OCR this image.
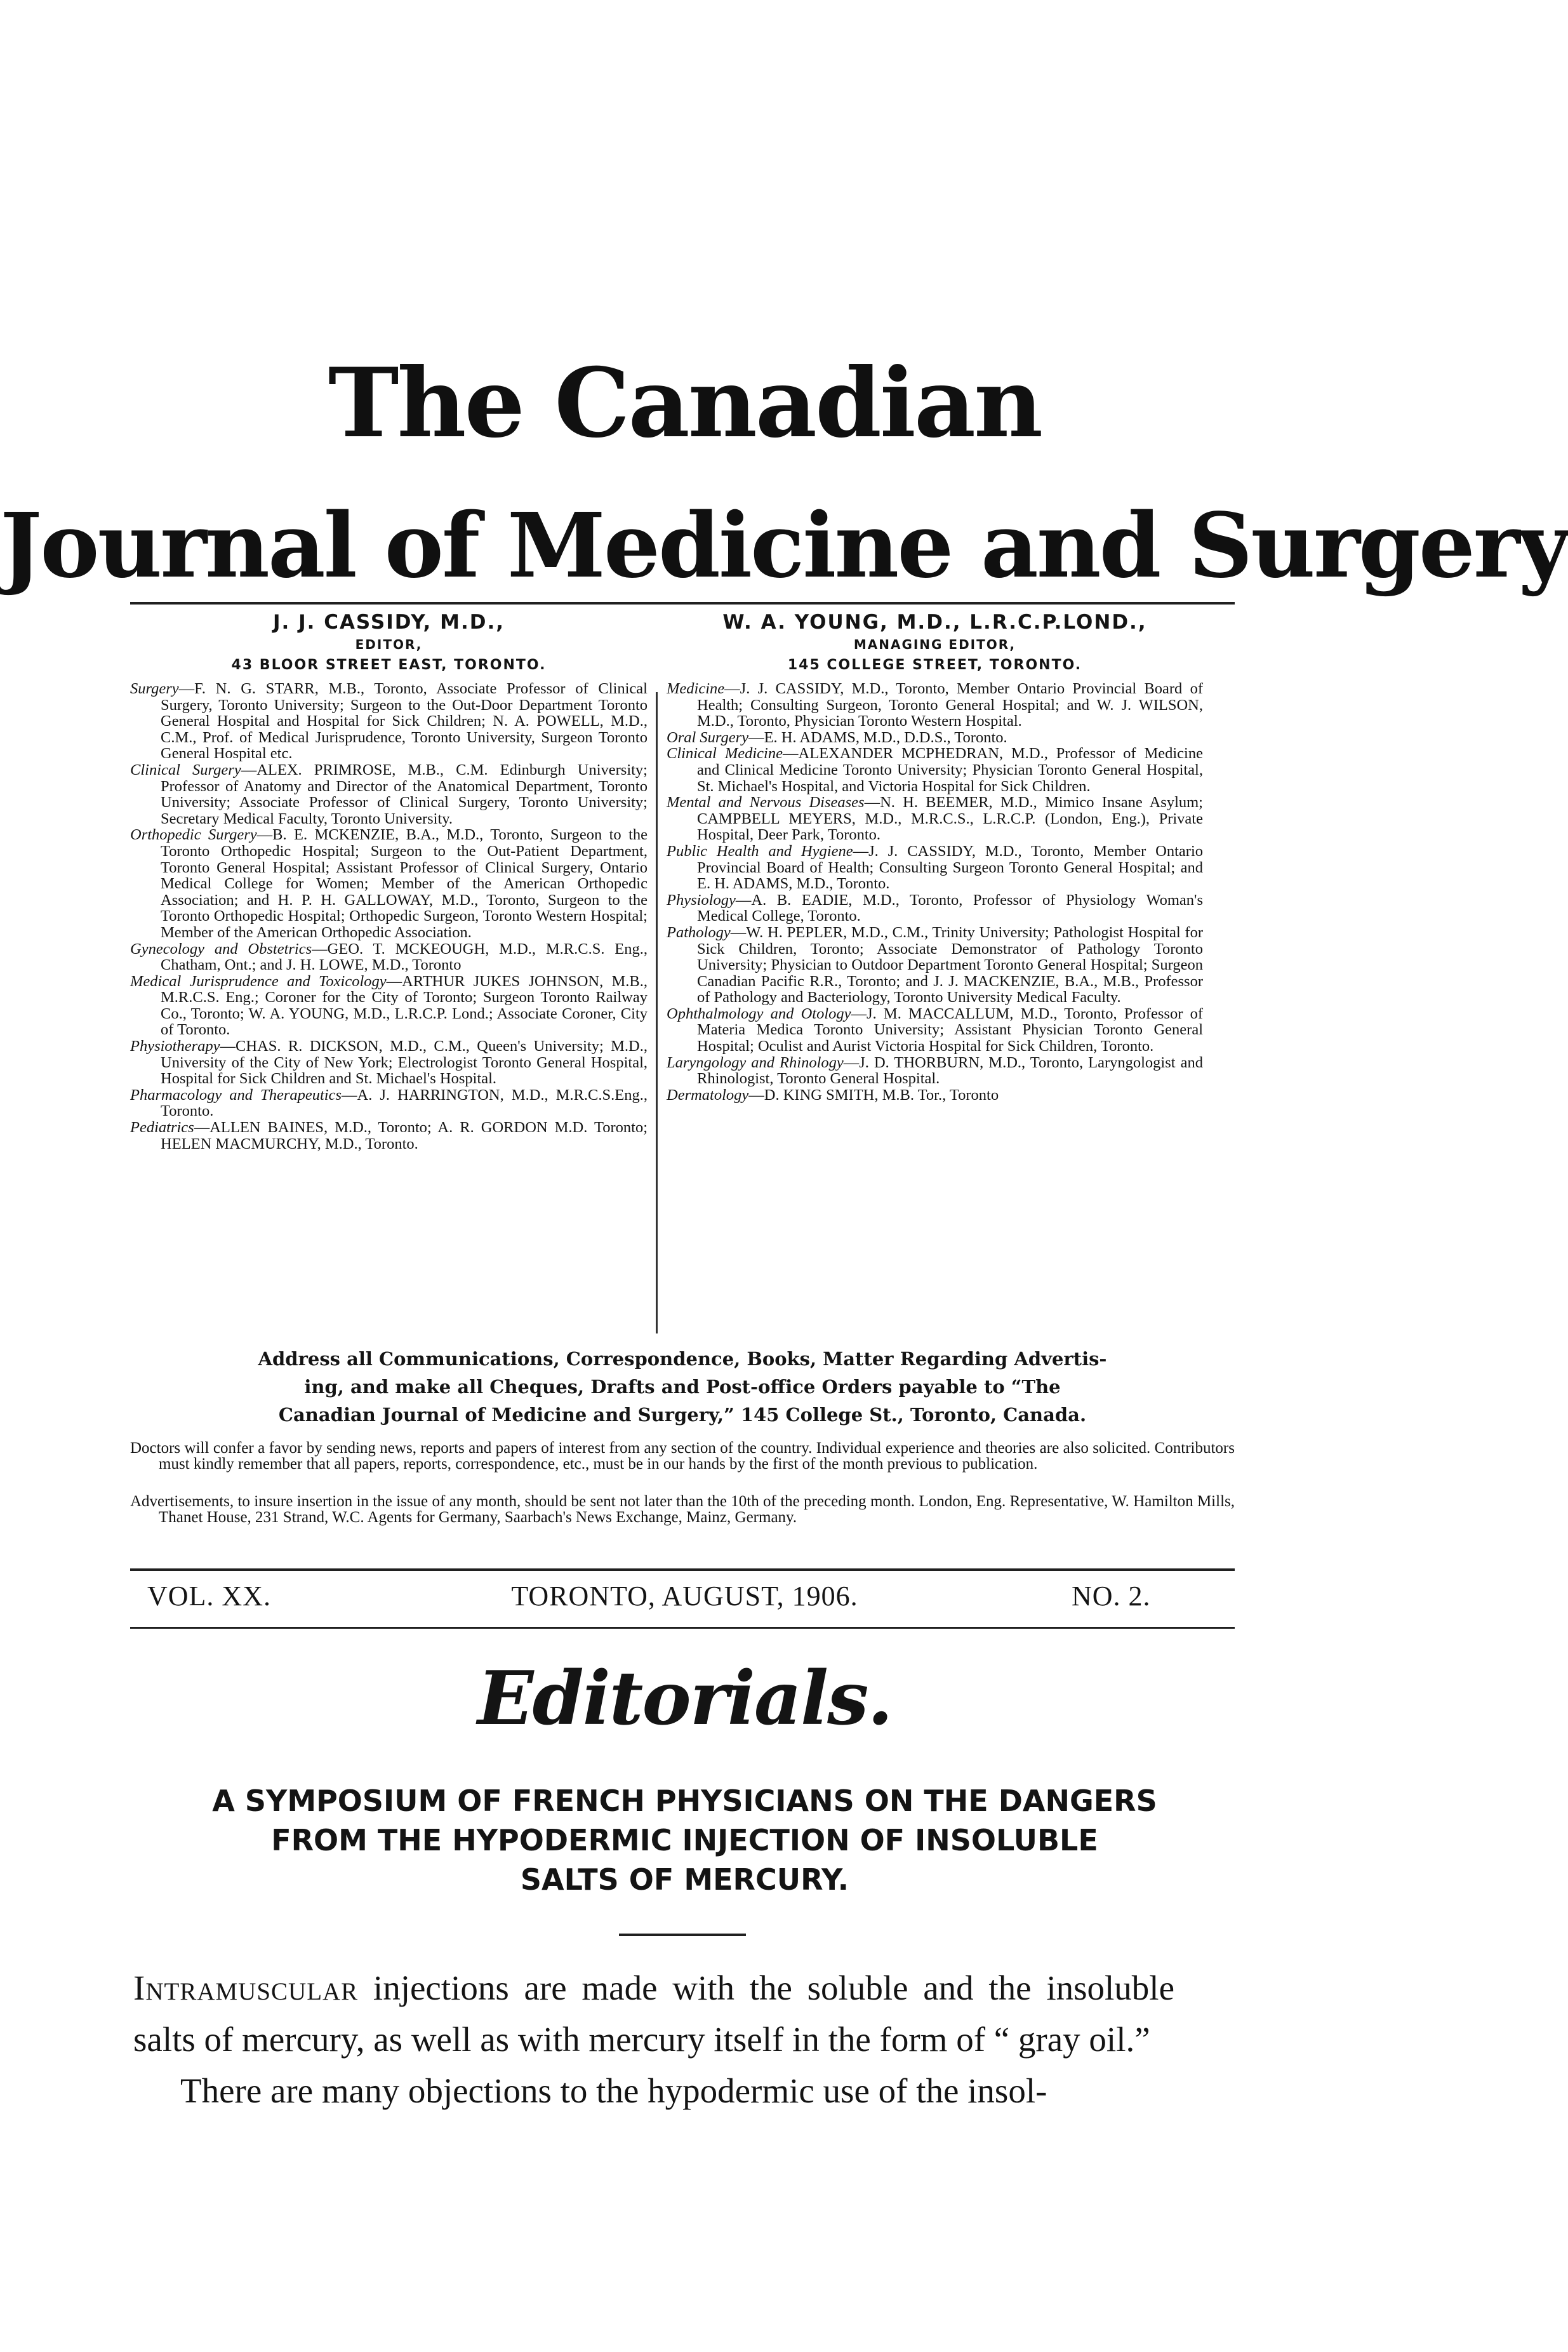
The Canadian
Journal of Medicine and Surgery

J. J. CASSIDY, M.D.,

EDITOR,

43 BLOOR STREET EAST, TORONTO.

Surgery—F. N. G. STARR, M.B., Toronto, Associate Professor of Clinical Surgery, Toronto University; Surgeon to the Out-Door Department Toronto General Hospital and Hospital for Sick Children; N. A. POWELL, M.D., C.M., Prof. of Medical Jurisprudence, Toronto University, Surgeon Toronto General Hospital etc.

Clinical Surgery—ALEX. PRIMROSE, M.B., C.M. Edinburgh University; Professor of Anatomy and Director of the Anatomical Department, Toronto University; Associate Professor of Clinical Surgery, Toronto University; Secretary Medical Faculty, Toronto University.

Orthopedic Surgery—B. E. MCKENZIE, B.A., M.D., Toronto, Surgeon to the Toronto Orthopedic Hospital; Surgeon to the Out-Patient Department, Toronto General Hospital; Assistant Professor of Clinical Surgery, Ontario Medical College for Women; Member of the American Orthopedic Association; and H. P. H. GALLOWAY, M.D., Toronto, Surgeon to the Toronto Orthopedic Hospital; Orthopedic Surgeon, Toronto Western Hospital; Member of the American Orthopedic Association.

Gynecology and Obstetrics—GEO. T. MCKEOUGH, M.D., M.R.C.S. Eng., Chatham, Ont.; and J. H. LOWE, M.D., Toronto

Medical Jurisprudence and Toxicology—ARTHUR JUKES JOHNSON, M.B., M.R.C.S. Eng.; Coroner for the City of Toronto; Surgeon Toronto Railway Co., Toronto; W. A. YOUNG, M.D., L.R.C.P. Lond.; Associate Coroner, City of Toronto.

Physiotherapy—CHAS. R. DICKSON, M.D., C.M., Queen's University; M.D., University of the City of New York; Electrologist Toronto General Hospital, Hospital for Sick Children and St. Michael's Hospital.

Pharmacology and Therapeutics—A. J. HARRINGTON, M.D., M.R.C.S.Eng., Toronto.

Pediatrics—ALLEN BAINES, M.D., Toronto; A. R. GORDON M.D. Toronto; HELEN MACMURCHY, M.D., Toronto.

W. A. YOUNG, M.D., L.R.C.P.LOND.,

MANAGING EDITOR,

145 COLLEGE STREET, TORONTO.

Medicine—J. J. CASSIDY, M.D., Toronto, Member Ontario Provincial Board of Health; Consulting Surgeon, Toronto General Hospital; and W. J. WILSON, M.D., Toronto, Physician Toronto Western Hospital.

Oral Surgery—E. H. ADAMS, M.D., D.D.S., Toronto.

Clinical Medicine—ALEXANDER MCPHEDRAN, M.D., Professor of Medicine and Clinical Medicine Toronto University; Physician Toronto General Hospital, St. Michael's Hospital, and Victoria Hospital for Sick Children.

Mental and Nervous Diseases—N. H. BEEMER, M.D., Mimico Insane Asylum; CAMPBELL MEYERS, M.D., M.R.C.S., L.R.C.P. (London, Eng.), Private Hospital, Deer Park, Toronto.

Public Health and Hygiene—J. J. CASSIDY, M.D., Toronto, Member Ontario Provincial Board of Health; Consulting Surgeon Toronto General Hospital; and E. H. ADAMS, M.D., Toronto.

Physiology—A. B. EADIE, M.D., Toronto, Professor of Physiology Woman's Medical College, Toronto.

Pathology—W. H. PEPLER, M.D., C.M., Trinity University; Pathologist Hospital for Sick Children, Toronto; Associate Demonstrator of Pathology Toronto University; Physician to Outdoor Department Toronto General Hospital; Surgeon Canadian Pacific R.R., Toronto; and J. J. MACKENZIE, B.A., M.B., Professor of Pathology and Bacteriology, Toronto University Medical Faculty.

Ophthalmology and Otology—J. M. MACCALLUM, M.D., Toronto, Professor of Materia Medica Toronto University; Assistant Physician Toronto General Hospital; Oculist and Aurist Victoria Hospital for Sick Children, Toronto.

Laryngology and Rhinology—J. D. THORBURN, M.D., Toronto, Laryngologist and Rhinologist, Toronto General Hospital.

Dermatology—D. KING SMITH, M.B. Tor., Toronto

Address all Communications, Correspondence, Books, Matter Regarding Advertis-
ing, and make all Cheques, Drafts and Post-office Orders payable to “The
Canadian Journal of Medicine and Surgery,” 145 College St., Toronto, Canada.
Doctors will confer a favor by sending news, reports and papers of interest from any section of the country. Individual experience and theories are also solicited. Contributors must kindly remember that all papers, reports, correspondence, etc., must be in our hands by the first of the month previous to publication.
Advertisements, to insure insertion in the issue of any month, should be sent not later than the 10th of the preceding month. London, Eng. Representative, W. Hamilton Mills, Thanet House, 231 Strand, W.C. Agents for Germany, Saarbach's News Exchange, Mainz, Germany.
VOL. XX.	TORONTO, AUGUST, 1906.	NO. 2.
Editorials.
A SYMPOSIUM OF FRENCH PHYSICIANS ON THE DANGERS
FROM THE HYPODERMIC INJECTION OF INSOLUBLE
SALTS OF MERCURY.

Intramuscular injections are made with the soluble and the insoluble salts of mercury, as well as with mercury itself in the form of “ gray oil.”

There are many objections to the hypodermic use of the insol-
